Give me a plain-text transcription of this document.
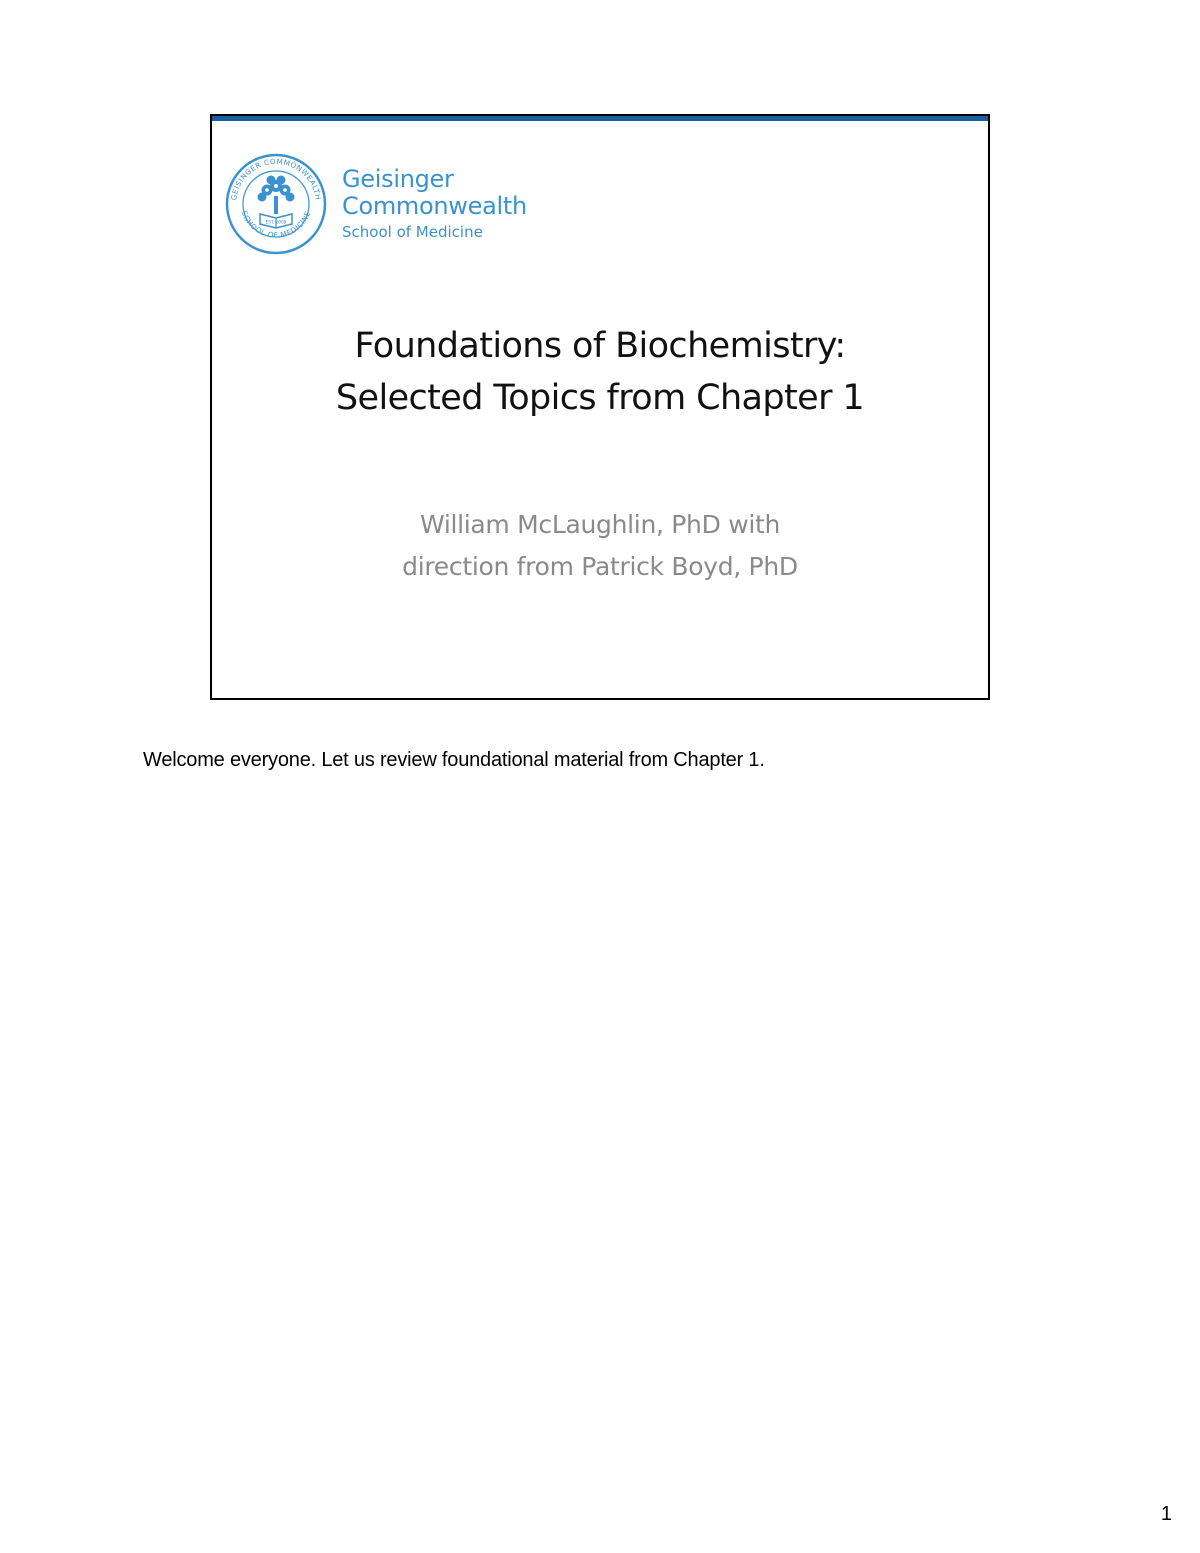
GEISINGER COMMONWEALTH
SCHOOL OF MEDICINE
EST. 2008
Geisinger
Commonwealth
School of Medicine
Foundations of Biochemistry:
Selected Topics from Chapter 1
William McLaughlin, PhD with
direction from Patrick Boyd, PhD
Welcome everyone. Let us review foundational material from Chapter 1.
1
